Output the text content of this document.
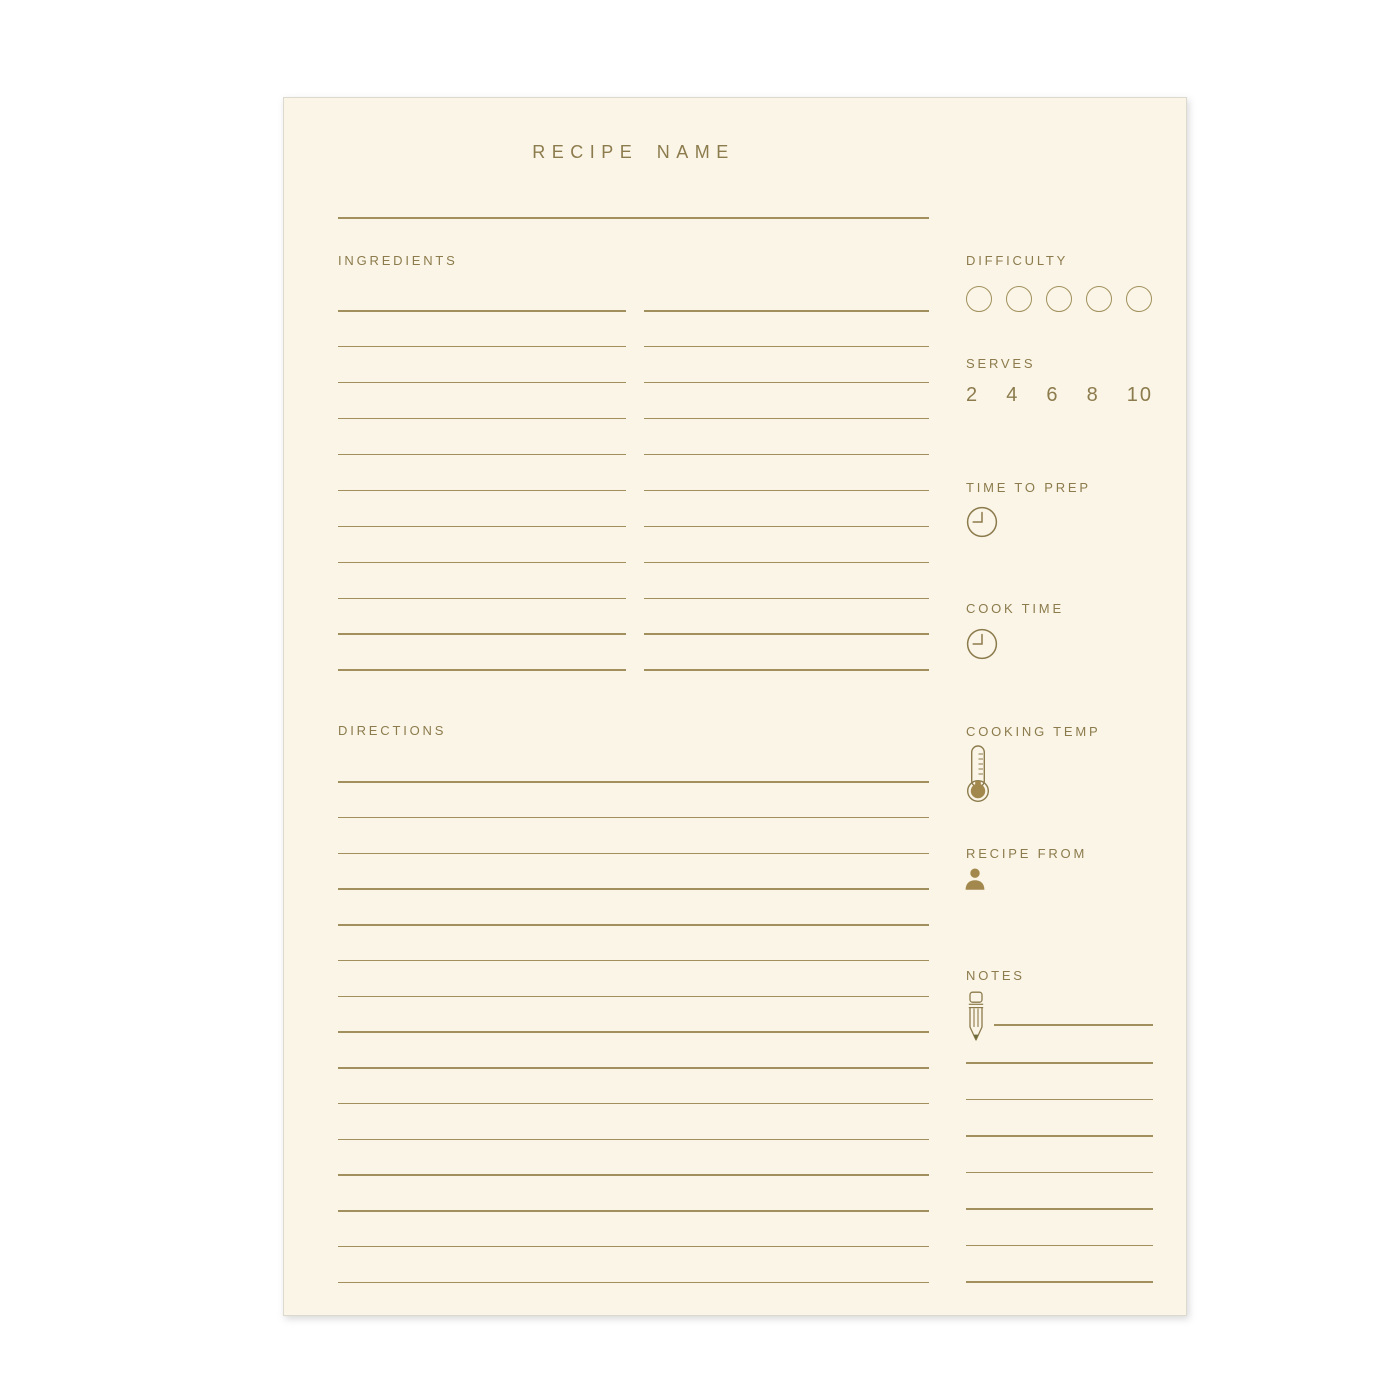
RECIPE NAME
INGREDIENTS
DIRECTIONS
DIFFICULTY
SERVES
2 4 6 8 10
TIME TO PREP
COOK TIME
COOKING TEMP
RECIPE FROM
NOTES
